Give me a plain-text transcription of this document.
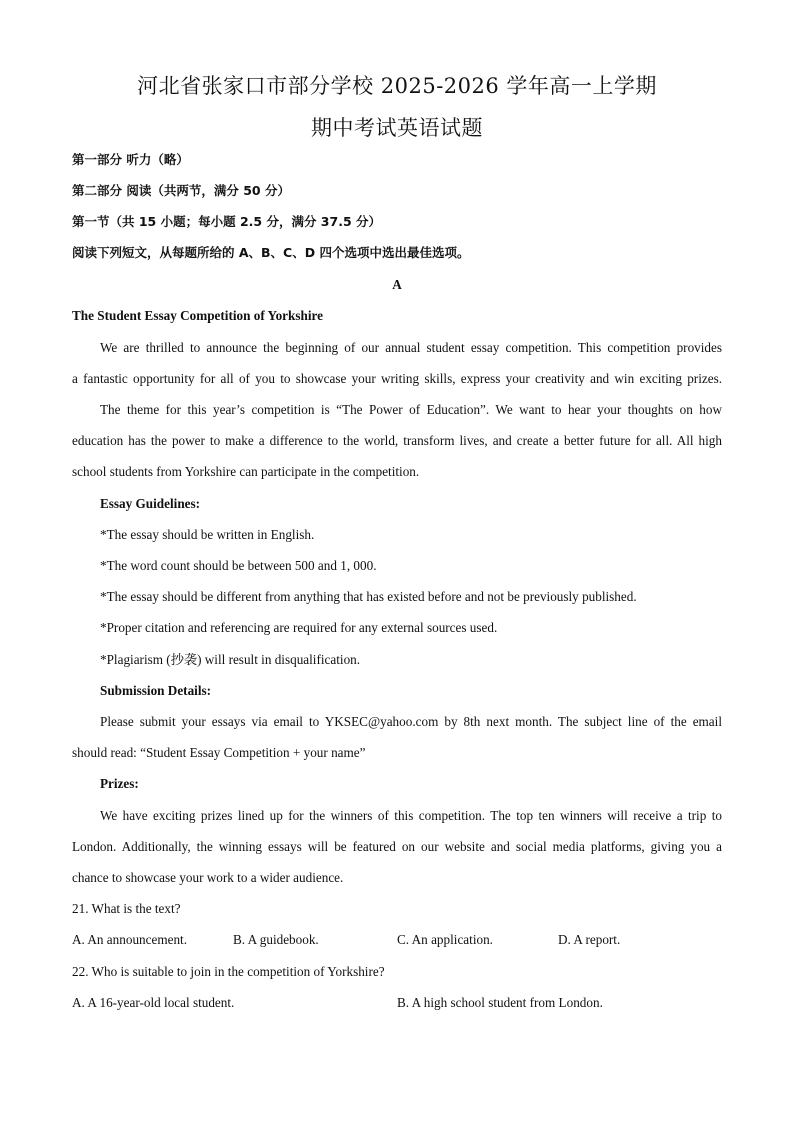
河北省张家口市部分学校 2025-2026 学年高一上学期
期中考试英语试题
第一部分 听力（略）
第二部分 阅读（共两节，满分 50 分）
第一节（共 15 小题；每小题 2.5 分，满分 37.5 分）
阅读下列短文，从每题所给的 A、B、C、D 四个选项中选出最佳选项。
A
The Student Essay Competition of Yorkshire
We are thrilled to announce the beginning of our annual student essay competition. This competition provides
a fantastic opportunity for all of you to showcase your writing skills, express your creativity and win exciting prizes.
The theme for this year’s competition is “The Power of Education”. We want to hear your thoughts on how
education has the power to make a difference to the world, transform lives, and create a better future for all. All high
school students from Yorkshire can participate in the competition.
Essay Guidelines:
*The essay should be written in English.
*The word count should be between 500 and 1, 000.
*The essay should be different from anything that has existed before and not be previously published.
*Proper citation and referencing are required for any external sources used.
*Plagiarism (抄袭) will result in disqualification.
Submission Details:
Please submit your essays via email to YKSEC@yahoo.com by 8th next month. The subject line of the email
should read: “Student Essay Competition + your name”
Prizes:
We have exciting prizes lined up for the winners of this competition. The top ten winners will receive a trip to
London. Additionally, the winning essays will be featured on our website and social media platforms, giving you a
chance to showcase your work to a wider audience.
21. What is the text?
A. An announcement.	B. A guidebook.	C. An application.	D. A report.
22. Who is suitable to join in the competition of Yorkshire?
A. A 16-year-old local student.	B. A high school student from London.
